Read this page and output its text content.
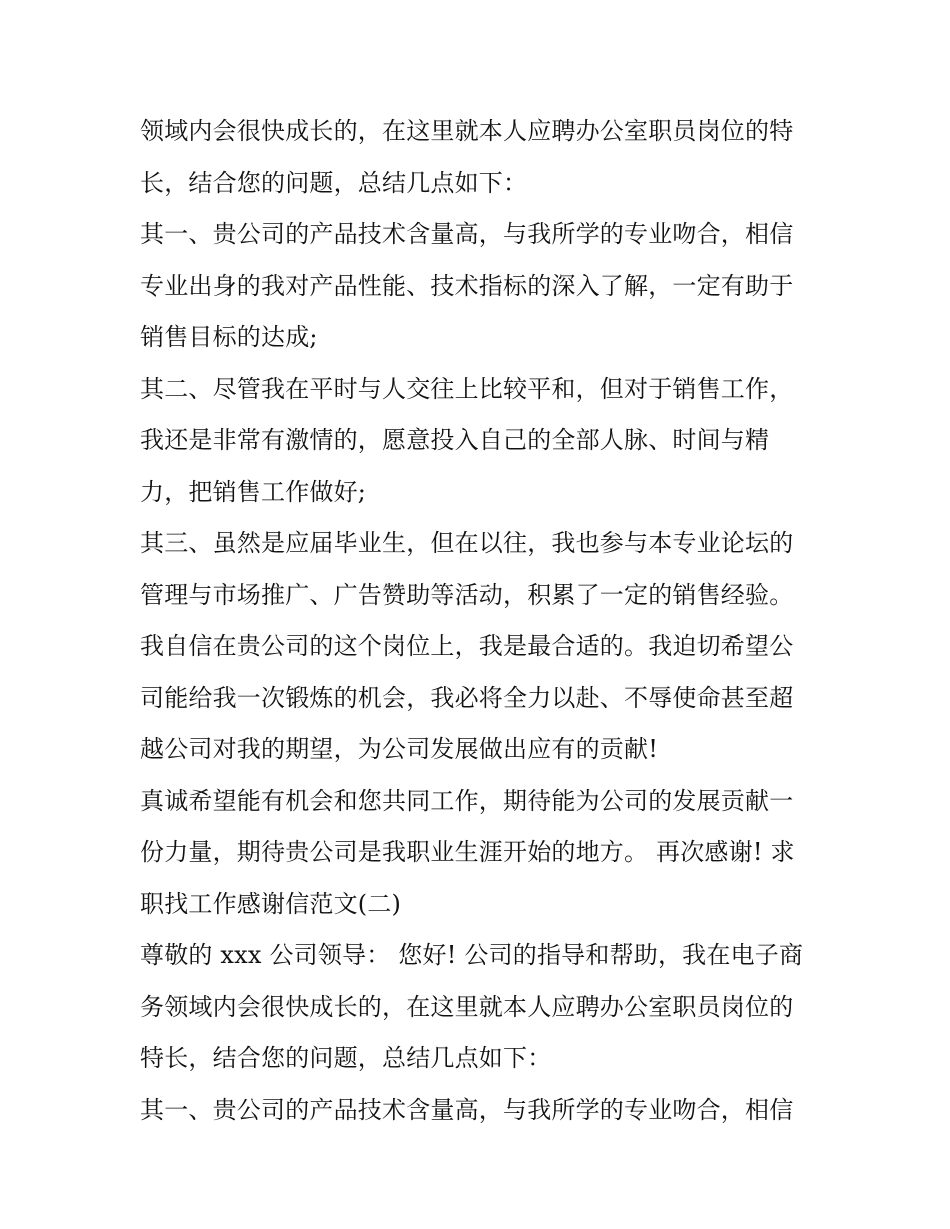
领域内会很快成长的，在这里就本人应聘办公室职员岗位的特
长，结合您的问题，总结几点如下：
其一、贵公司的产品技术含量高，与我所学的专业吻合，相信
专业出身的我对产品性能、技术指标的深入了解，一定有助于
销售目标的达成;
其二、尽管我在平时与人交往上比较平和，但对于销售工作，
我还是非常有激情的，愿意投入自己的全部人脉、时间与精
力，把销售工作做好;
其三、虽然是应届毕业生，但在以往，我也参与本专业论坛的
管理与市场推广、广告赞助等活动，积累了一定的销售经验。
我自信在贵公司的这个岗位上，我是最合适的。我迫切希望公
司能给我一次锻炼的机会，我必将全力以赴、不辱使命甚至超
越公司对我的期望，为公司发展做出应有的贡献!
真诚希望能有机会和您共同工作，期待能为公司的发展贡献一
份力量，期待贵公司是我职业生涯开始的地方。 再次感谢! 求
职找工作感谢信范文(二)
尊敬的 xxx 公司领导： 您好! 公司的指导和帮助，我在电子商
务领域内会很快成长的，在这里就本人应聘办公室职员岗位的
特长，结合您的问题，总结几点如下：
其一、贵公司的产品技术含量高，与我所学的专业吻合，相信
